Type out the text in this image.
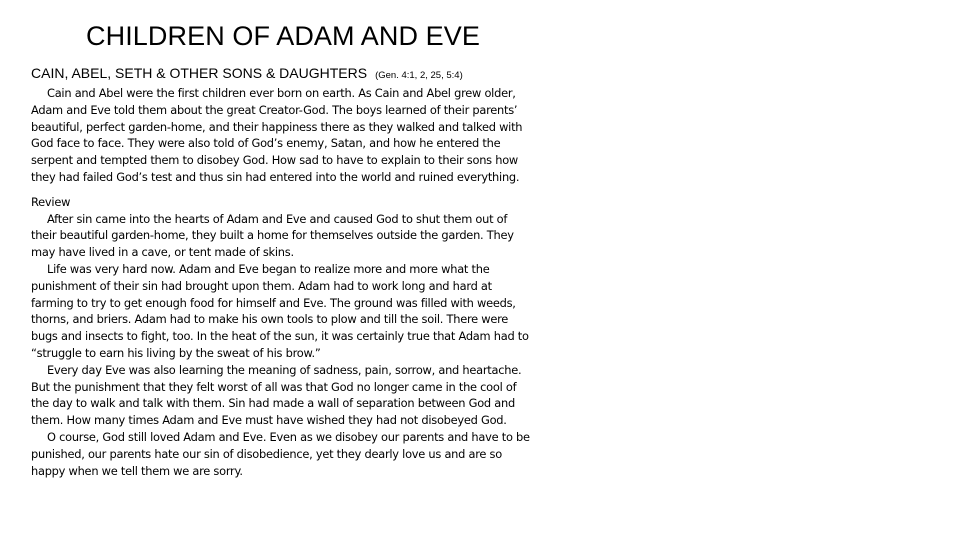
CHILDREN OF ADAM AND EVE
CAIN, ABEL, SETH & OTHER SONS & DAUGHTERS (Gen. 4:1, 2, 25, 5:4)

Cain and Abel were the first children ever born on earth. As Cain and Abel grew older, Adam and Eve told them about the great Creator-God. The boys learned of their parents’ beautiful, perfect garden-home, and their happiness there as they walked and talked with God face to face. They were also told of God’s enemy, Satan, and how he entered the serpent and tempted them to disobey God. How sad to have to explain to their sons how they had failed God’s test and thus sin had entered into the world and ruined everything.

Review

After sin came into the hearts of Adam and Eve and caused God to shut them out of their beautiful garden-home, they built a home for themselves outside the garden. They may have lived in a cave, or tent made of skins.

Life was very hard now. Adam and Eve began to realize more and more what the punishment of their sin had brought upon them. Adam had to work long and hard at farming to try to get enough food for himself and Eve. The ground was filled with weeds, thorns, and briers. Adam had to make his own tools to plow and till the soil. There were bugs and insects to fight, too. In the heat of the sun, it was certainly true that Adam had to “struggle to earn his living by the sweat of his brow.”

Every day Eve was also learning the meaning of sadness, pain, sorrow, and heartache. But the punishment that they felt worst of all was that God no longer came in the cool of the day to walk and talk with them. Sin had made a wall of separation between God and them. How many times Adam and Eve must have wished they had not disobeyed God.

O course, God still loved Adam and Eve. Even as we disobey our parents and have to be punished, our parents hate our sin of disobedience, yet they dearly love us and are so happy when we tell them we are sorry.
